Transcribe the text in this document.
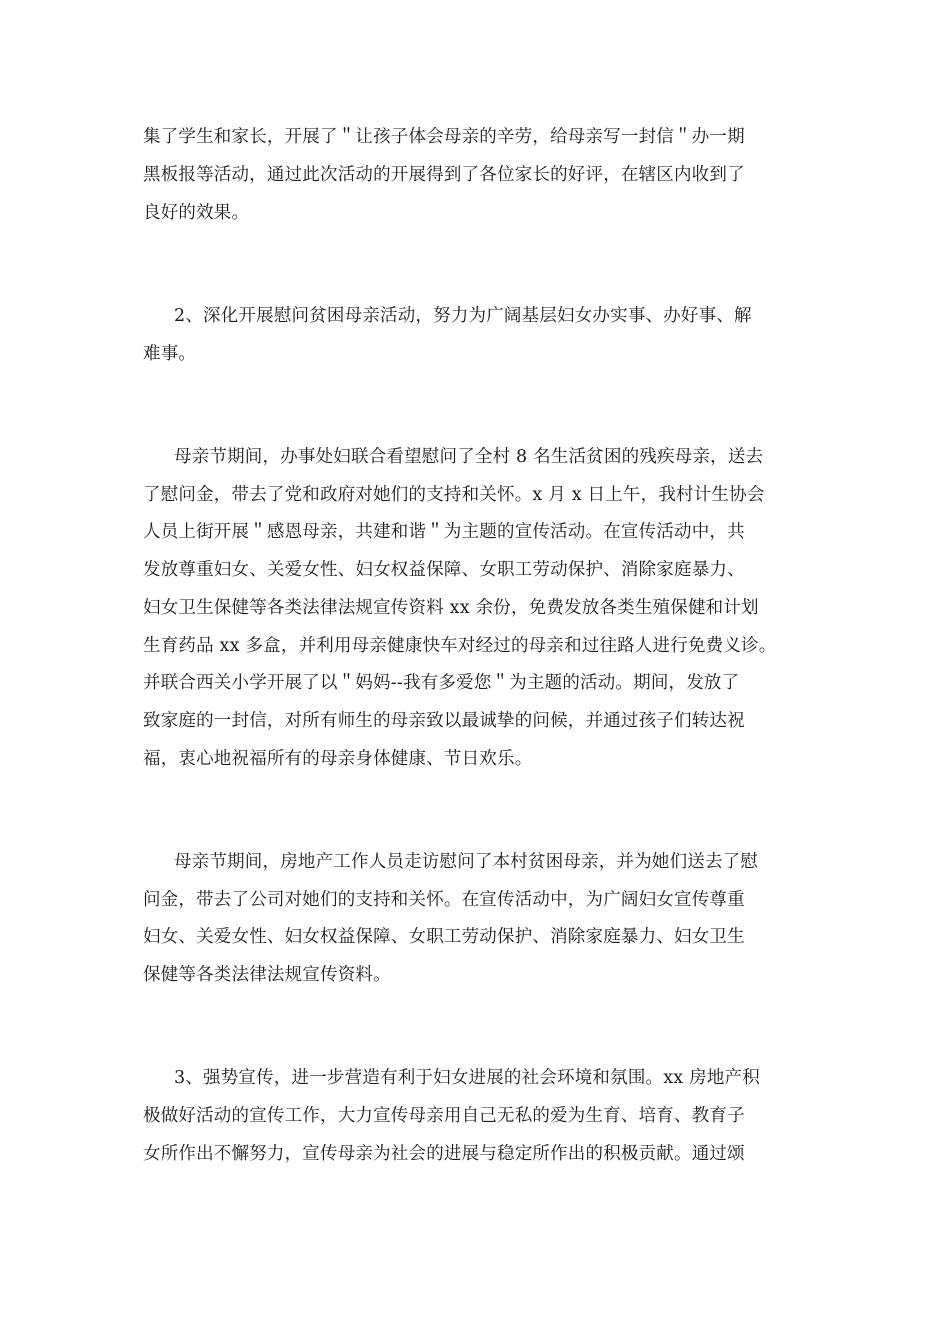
集了学生和家长，开展了＂让孩子体会母亲的辛劳，给母亲写一封信＂办一期

黑板报等活动，通过此次活动的开展得到了各位家长的好评，在辖区内收到了

良好的效果。

2、深化开展慰问贫困母亲活动，努力为广阔基层妇女办实事、办好事、解

难事。

母亲节期间，办事处妇联合看望慰问了全村 8 名生活贫困的残疾母亲，送去

了慰问金，带去了党和政府对她们的支持和关怀。x 月 x 日上午，我村计生协会

人员上街开展＂感恩母亲，共建和谐＂为主题的宣传活动。在宣传活动中，共

发放尊重妇女、关爱女性、妇女权益保障、女职工劳动保护、消除家庭暴力、

妇女卫生保健等各类法律法规宣传资料 xx 余份，免费发放各类生殖保健和计划

生育药品 xx 多盒，并利用母亲健康快车对经过的母亲和过往路人进行免费义诊。

并联合西关小学开展了以＂妈妈--我有多爱您＂为主题的活动。期间，发放了

致家庭的一封信，对所有师生的母亲致以最诚挚的问候，并通过孩子们转达祝

福，衷心地祝福所有的母亲身体健康、节日欢乐。

母亲节期间，房地产工作人员走访慰问了本村贫困母亲，并为她们送去了慰

问金，带去了公司对她们的支持和关怀。在宣传活动中，为广阔妇女宣传尊重

妇女、关爱女性、妇女权益保障、女职工劳动保护、消除家庭暴力、妇女卫生

保健等各类法律法规宣传资料。

3、强势宣传，进一步营造有利于妇女进展的社会环境和氛围。xx 房地产积

极做好活动的宣传工作，大力宣传母亲用自己无私的爱为生育、培育、教育子

女所作出不懈努力，宣传母亲为社会的进展与稳定所作出的积极贡献。通过颂
